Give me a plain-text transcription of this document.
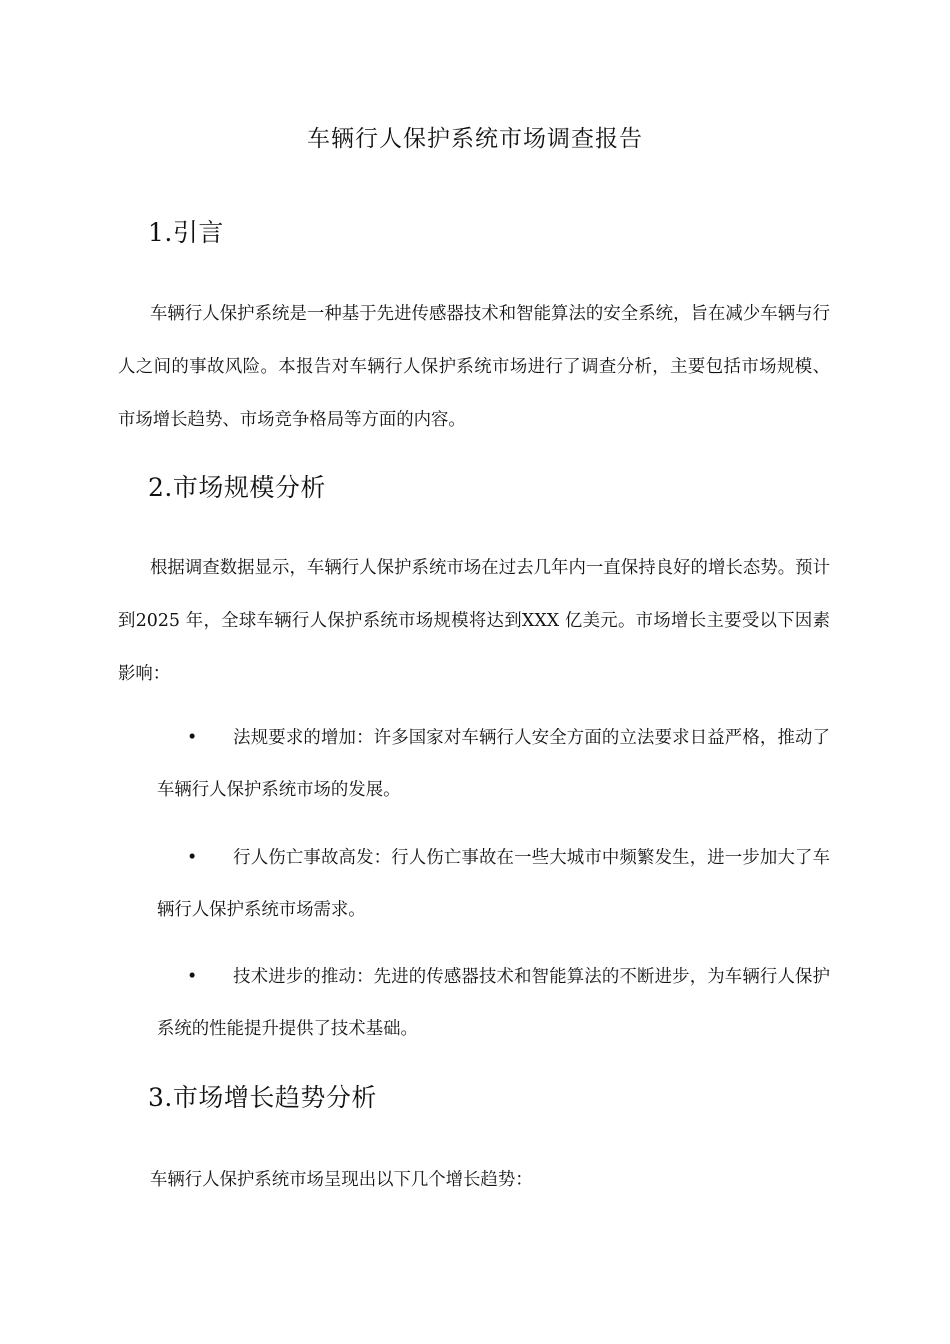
车辆行人保护系统市场调查报告
1.引言

车辆行人保护系统是一种基于先进传感器技术和智能算法的安全系统，旨在减少车辆与行人之间的事故风险。本报告对车辆行人保护系统市场进行了调查分析，主要包括市场规模、市场增长趋势、市场竞争格局等方面的内容。

2.市场规模分析

根据调查数据显示，车辆行人保护系统市场在过去几年内一直保持良好的增长态势。预计到2025 年，全球车辆行人保护系统市场规模将达到XXX 亿美元。市场增长主要受以下因素影响：

• 法规要求的增加：许多国家对车辆行人安全方面的立法要求日益严格，推动了车辆行人保护系统市场的发展。

• 行人伤亡事故高发：行人伤亡事故在一些大城市中频繁发生，进一步加大了车辆行人保护系统市场需求。

• 技术进步的推动：先进的传感器技术和智能算法的不断进步，为车辆行人保护系统的性能提升提供了技术基础。

3.市场增长趋势分析

车辆行人保护系统市场呈现出以下几个增长趋势：
